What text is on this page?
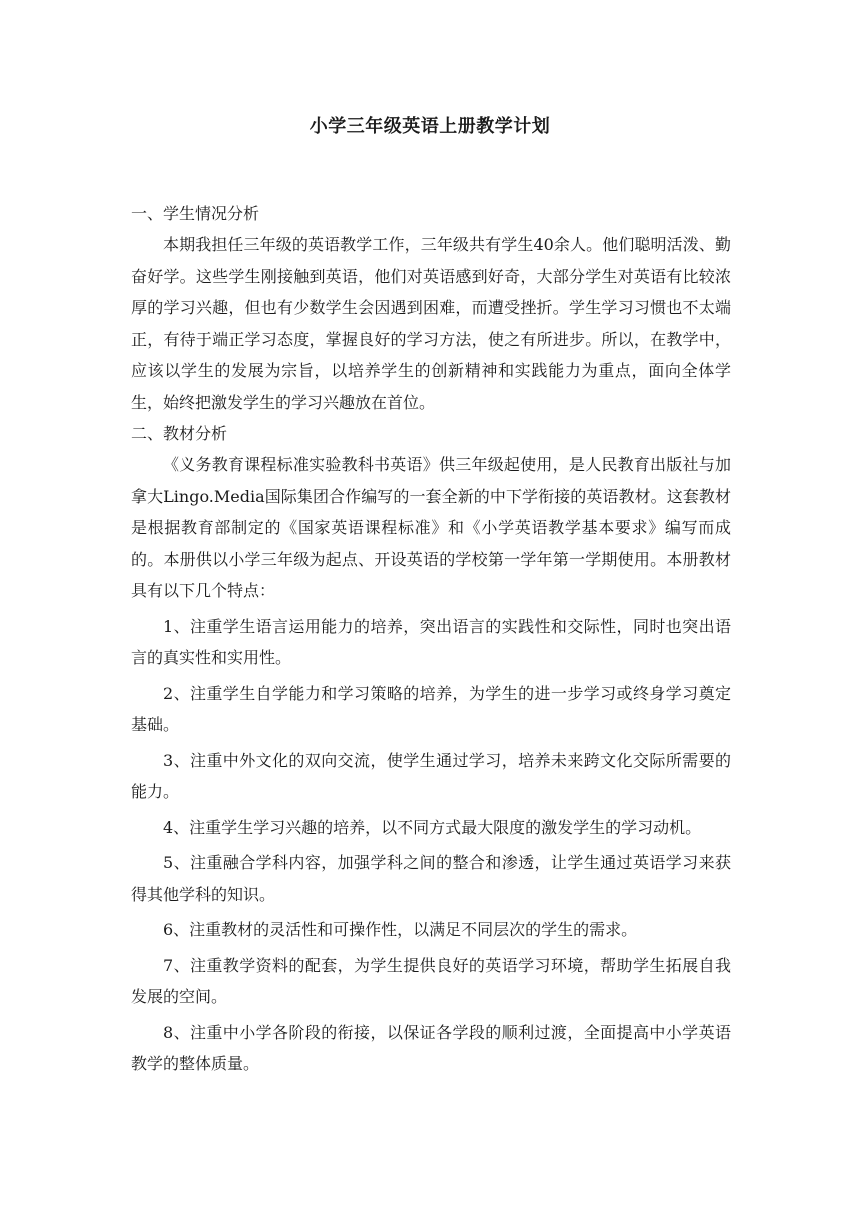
小学三年级英语上册教学计划

一、学生情况分析

本期我担任三年级的英语教学工作，三年级共有学生40余人。他们聪明活泼、勤奋好学。这些学生刚接触到英语，他们对英语感到好奇，大部分学生对英语有比较浓厚的学习兴趣，但也有少数学生会因遇到困难，而遭受挫折。学生学习习惯也不太端正，有待于端正学习态度，掌握良好的学习方法，使之有所进步。所以，在教学中，应该以学生的发展为宗旨，以培养学生的创新精神和实践能力为重点，面向全体学生，始终把激发学生的学习兴趣放在首位。

二、教材分析

《义务教育课程标准实验教科书英语》供三年级起使用，是人民教育出版社与加拿大Lingo.Media国际集团合作编写的一套全新的中下学衔接的英语教材。这套教材是根据教育部制定的《国家英语课程标准》和《小学英语教学基本要求》编写而成的。本册供以小学三年级为起点、开设英语的学校第一学年第一学期使用。本册教材具有以下几个特点：

1、注重学生语言运用能力的培养，突出语言的实践性和交际性，同时也突出语言的真实性和实用性。

2、注重学生自学能力和学习策略的培养，为学生的进一步学习或终身学习奠定基础。

3、注重中外文化的双向交流，使学生通过学习，培养未来跨文化交际所需要的能力。

4、注重学生学习兴趣的培养，以不同方式最大限度的激发学生的学习动机。

5、注重融合学科内容，加强学科之间的整合和渗透，让学生通过英语学习来获得其他学科的知识。

6、注重教材的灵活性和可操作性，以满足不同层次的学生的需求。

7、注重教学资料的配套，为学生提供良好的英语学习环境，帮助学生拓展自我发展的空间。

8、注重中小学各阶段的衔接，以保证各学段的顺利过渡，全面提高中小学英语教学的整体质量。
